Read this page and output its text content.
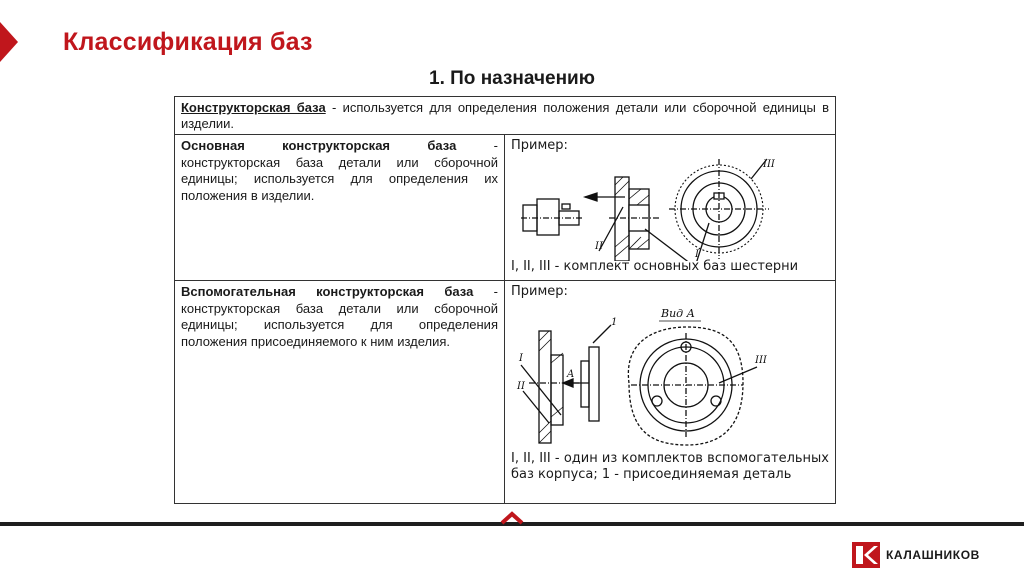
Классификация баз
1. По назначению
Конструкторская база - используется для определения положения детали или сборочной единицы в изделии.
Основная конструкторская база - конструкторская база детали или сборочной единицы; используется для определения их положения в изделии.
Пример:
II
III
I
I, II, III - комплект основных баз шестерни
Вспомогательная конструкторская база - конструкторская база детали или сборочной единицы; используется для определения положения присоединяемого к ним изделия.
Пример:
I
II
A
1
Вид А
III
I, II, III - один из комплектов вспомогательных баз корпуса; 1 - присоединяемая деталь
КАЛАШНИКОВ
